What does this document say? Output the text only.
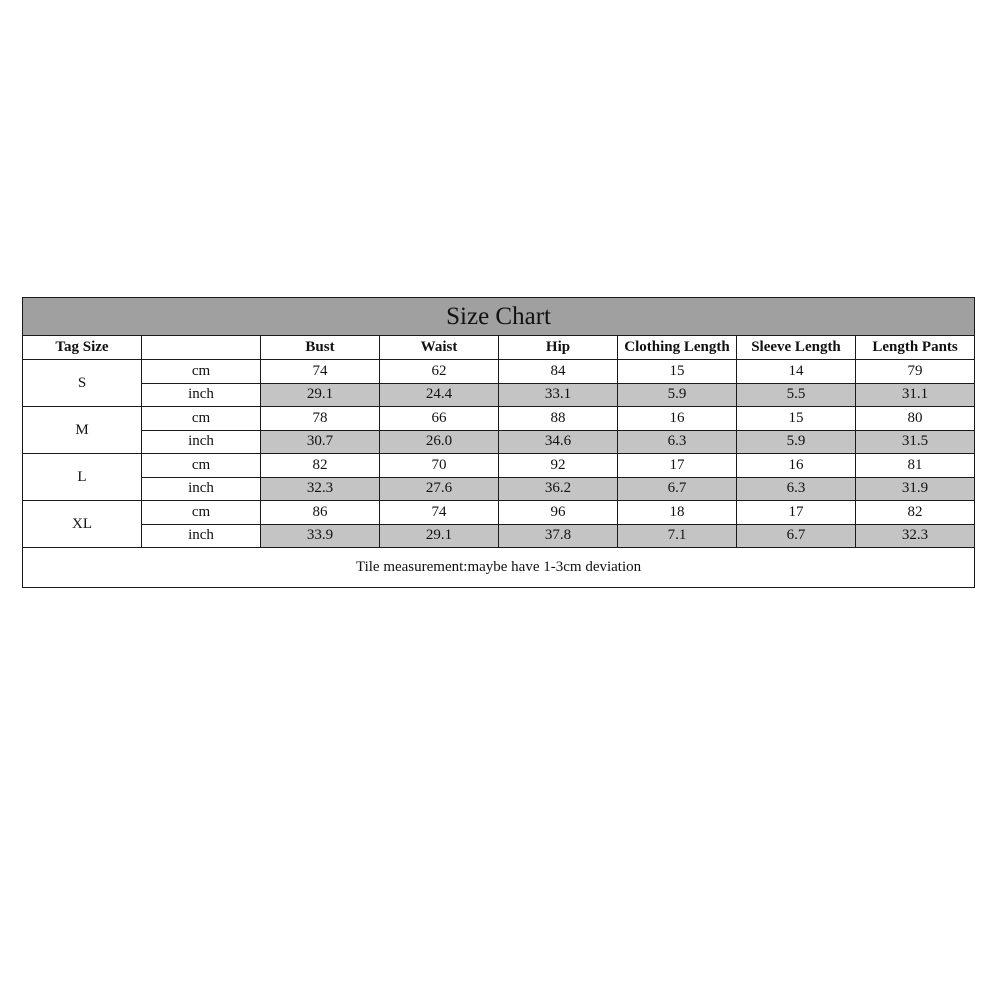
Size Chart							
Tag Size		Bust	Waist	Hip	Clothing Length	Sleeve Length	Length Pants
S	cm	74	62	84	15	14	79
	inch	29.1	24.4	33.1	5.9	5.5	31.1
M	cm	78	66	88	16	15	80
	inch	30.7	26.0	34.6	6.3	5.9	31.5
L	cm	82	70	92	17	16	81
	inch	32.3	27.6	36.2	6.7	6.3	31.9
XL	cm	86	74	96	18	17	82
	inch	33.9	29.1	37.8	7.1	6.7	32.3
Tile measurement:maybe have 1-3cm deviation							
